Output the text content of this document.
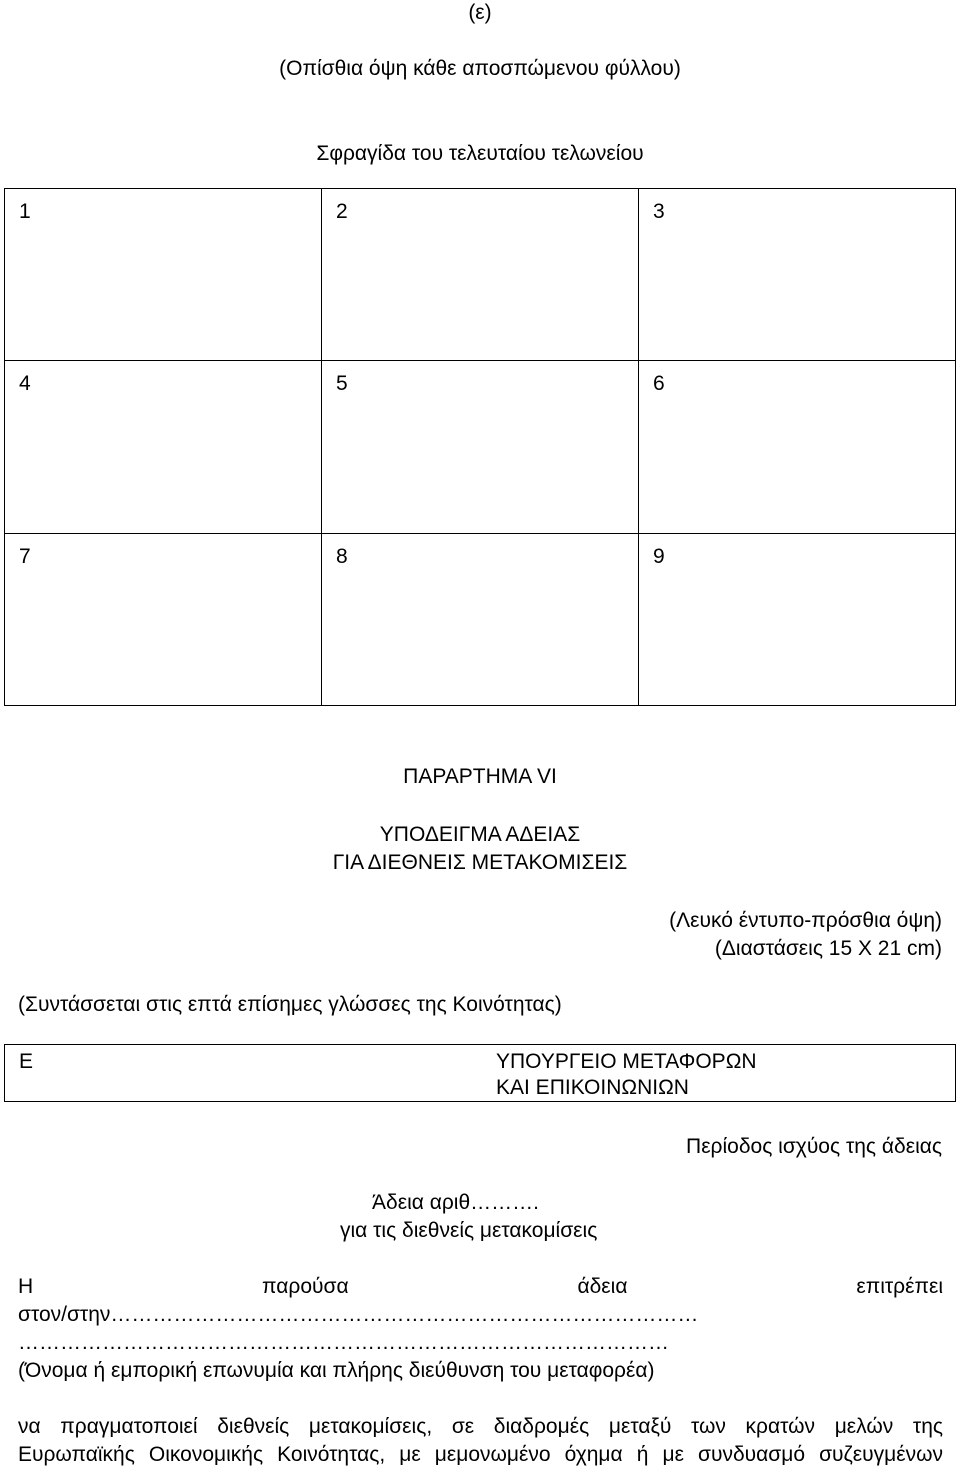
(ε)
(Οπίσθια όψη κάθε αποσπώμενου φύλλου)
Σφραγίδα του τελευταίου τελωνείου
1	2	3
4	5	6
7	8	9
ΠΑΡΑΡΤΗΜΑ VI
ΥΠΟΔΕΙΓΜΑ ΑΔΕΙΑΣ
ΓΙΑ ΔΙΕΘΝΕΙΣ ΜΕΤΑΚΟΜΙΣΕΙΣ
(Λευκό έντυπο-πρόσθια όψη)
(Διαστάσεις 15 Χ 21 cm)
(Συντάσσεται στις επτά επίσημες γλώσσες της Κοινότητας)
Ε	ΥΠΟΥΡΓΕΙΟ ΜΕΤΑΦΟΡΩΝ
ΚΑΙ ΕΠΙΚΟΙΝΩΝΙΩΝ
Περίοδος ισχύος της άδειας
Άδεια αριθ……….
για τις διεθνείς μετακομίσεις
Η	παρούσα	άδεια	επιτρέπει
στον/στην…………………………………………………………………………
…………………………………………………………………………………
(Όνομα ή εμπορική επωνυμία και πλήρης διεύθυνση του μεταφορέα)
να πραγματοποιεί διεθνείς μετακομίσεις, σε διαδρομές μεταξύ των κρατών μελών της
Ευρωπαϊκής Οικονομικής Κοινότητας, με μεμονωμένο όχημα ή με συνδυασμό συζευγμένων
